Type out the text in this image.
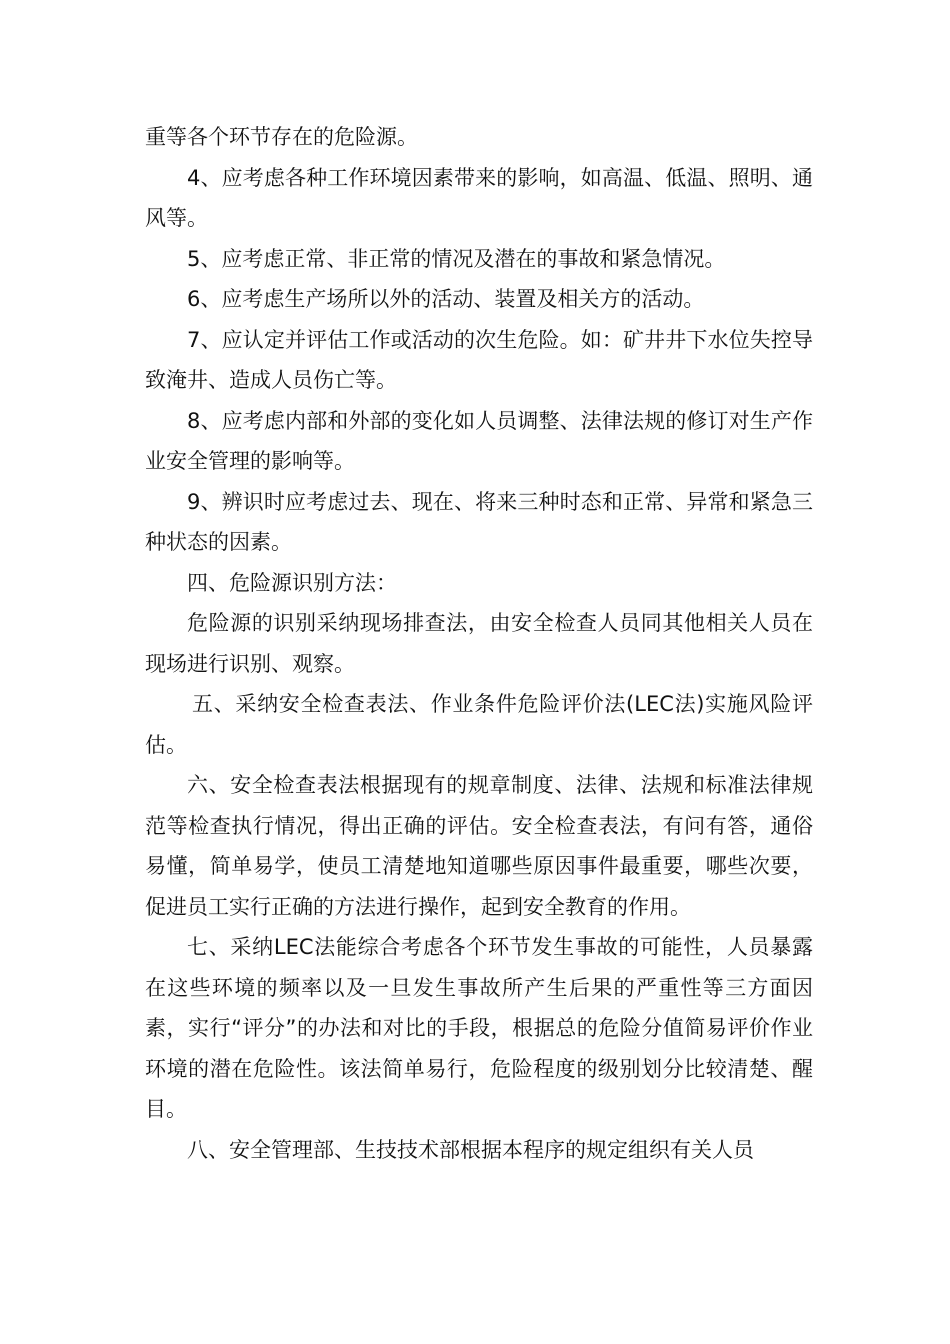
重等各个环节存在的危险源。

4、应考虑各种工作环境因素带来的影响，如高温、低温、照明、通风等。

5、应考虑正常、非正常的情况及潜在的事故和紧急情况。

6、应考虑生产场所以外的活动、装置及相关方的活动。

7、应认定并评估工作或活动的次生危险。如：矿井井下水位失控导致淹井、造成人员伤亡等。

8、应考虑内部和外部的变化如人员调整、法律法规的修订对生产作业安全管理的影响等。

9、辨识时应考虑过去、现在、将来三种时态和正常、异常和紧急三种状态的因素。

四、危险源识别方法：

危险源的识别采纳现场排查法，由安全检查人员同其他相关人员在现场进行识别、观察。

五、采纳安全检查表法、作业条件危险评价法(LEC法)实施风险评估。

六、安全检查表法根据现有的规章制度、法律、法规和标准法律规范等检查执行情况，得出正确的评估。安全检查表法，有问有答，通俗易懂，简单易学，使员工清楚地知道哪些原因事件最重要，哪些次要，促进员工实行正确的方法进行操作，起到安全教育的作用。

七、采纳LEC法能综合考虑各个环节发生事故的可能性，人员暴露在这些环境的频率以及一旦发生事故所产生后果的严重性等三方面因素，实行“评分”的办法和对比的手段，根据总的危险分值简易评价作业环境的潜在危险性。该法简单易行，危险程度的级别划分比较清楚、醒目。

八、安全管理部、生技技术部根据本程序的规定组织有关人员
